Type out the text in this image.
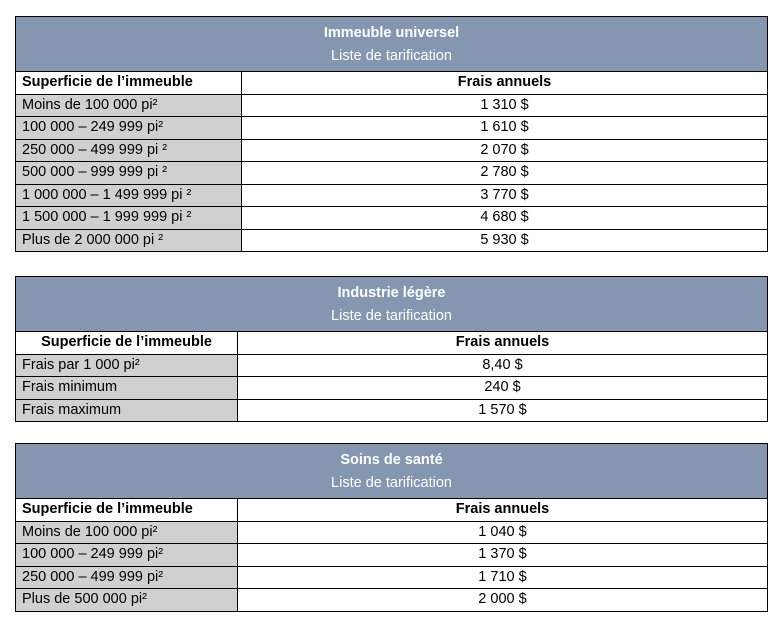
Immeuble universel
Liste de tarification	

Superficie de l’immeuble	Frais annuels
Moins de 100 000 pi²	1 310 $
100 000 – 249 999 pi²	1 610 $
250 000 – 499 999 pi ²	2 070 $
500 000 – 999 999 pi ²	2 780 $
1 000 000 – 1 499 999 pi ²	3 770 $
1 500 000 – 1 999 999 pi ²	4 680 $
Plus de 2 000 000 pi ²	5 930 $
Industrie légère
Liste de tarification	

Superficie de l’immeuble	Frais annuels
Frais par 1 000 pi²	8,40 $
Frais minimum	240 $
Frais maximum	1 570 $
Soins de santé
Liste de tarification	

Superficie de l’immeuble	Frais annuels
Moins de 100 000 pi²	1 040 $
100 000 – 249 999 pi²	1 370 $
250 000 – 499 999 pi²	1 710 $
Plus de 500 000 pi²	2 000 $
